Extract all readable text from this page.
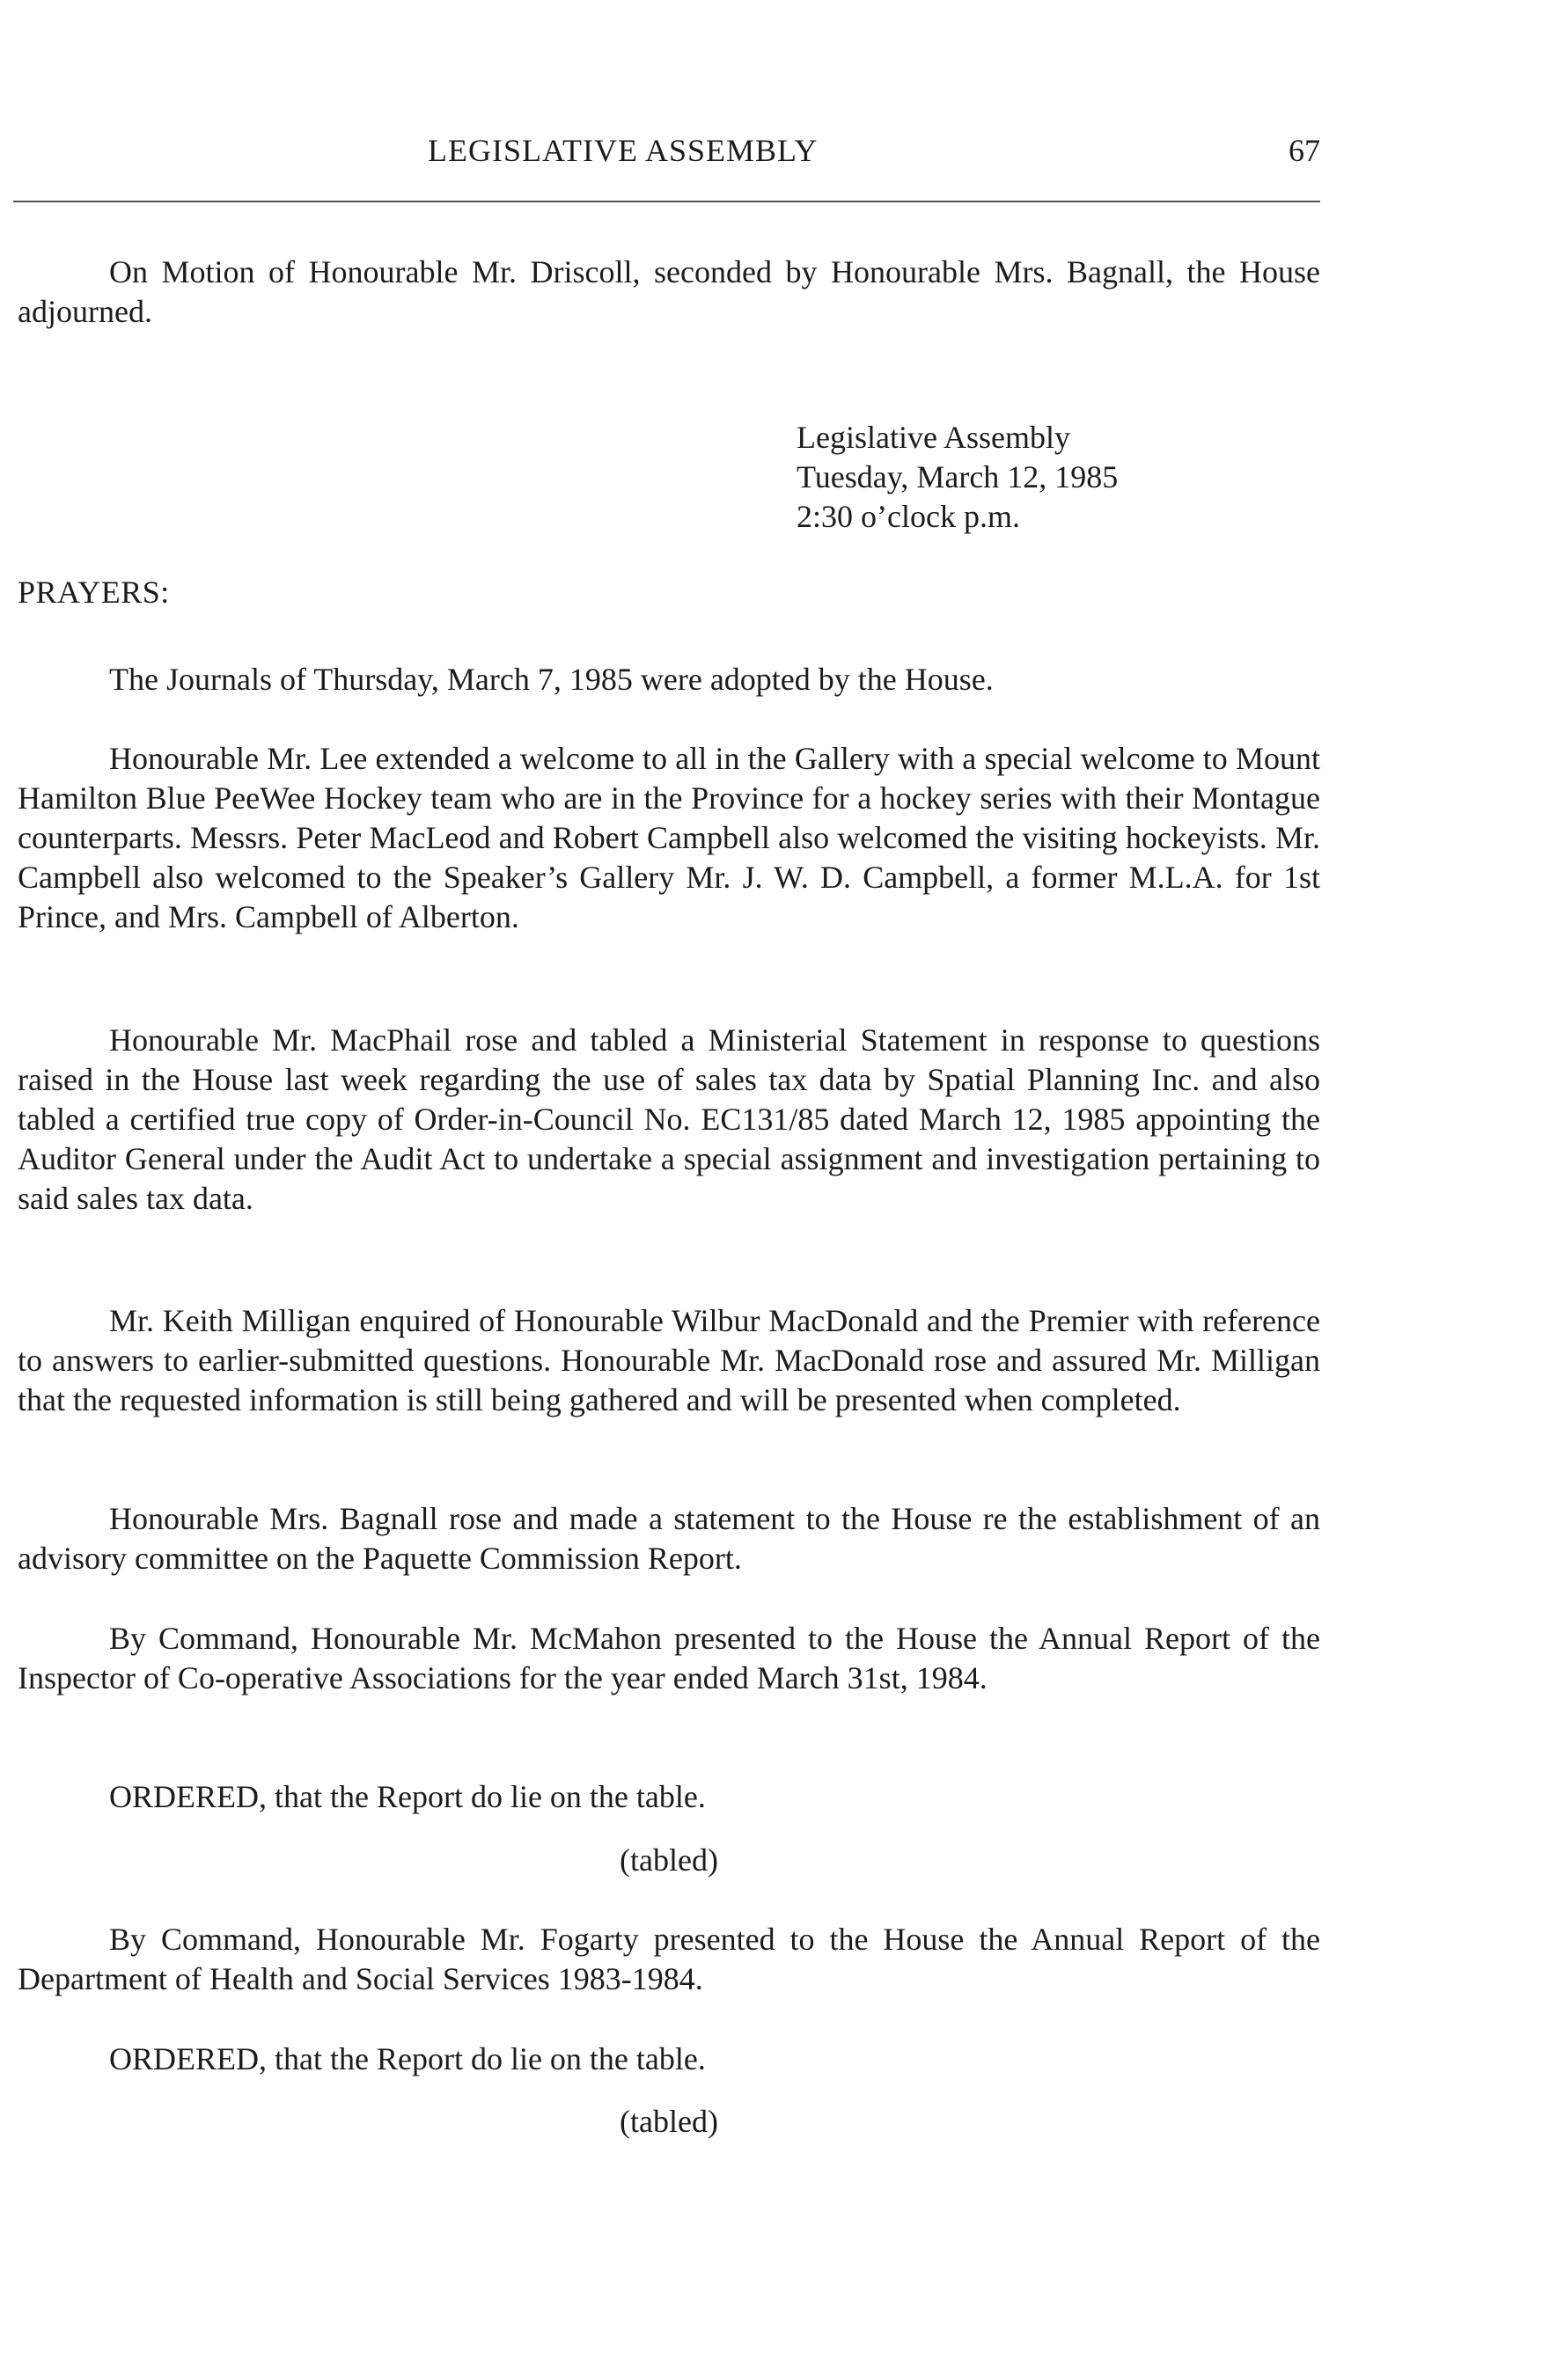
LEGISLATIVE ASSEMBLY	67

On Motion of Honourable Mr. Driscoll, seconded by Honourable Mrs. Bagnall, the House adjourned.

Legislative Assembly
Tuesday, March 12, 1985
2:30 o’clock p.m.
PRAYERS:

The Journals of Thursday, March 7, 1985 were adopted by the House.

Honourable Mr. Lee extended a welcome to all in the Gallery with a special welcome to Mount Hamilton Blue PeeWee Hockey team who are in the Province for a hockey series with their Montague counterparts. Messrs. Peter MacLeod and Robert Campbell also welcomed the visiting hockeyists. Mr. Campbell also welcomed to the Speaker’s Gallery Mr. J. W. D. Campbell, a former M.L.A. for 1st Prince, and Mrs. Campbell of Alberton.

Honourable Mr. MacPhail rose and tabled a Ministerial Statement in response to questions raised in the House last week regarding the use of sales tax data by Spatial Planning Inc. and also tabled a certified true copy of Order-in-Council No. EC131/85 dated March 12, 1985 appointing the Auditor General under the Audit Act to undertake a special assignment and investigation pertaining to said sales tax data.

Mr. Keith Milligan enquired of Honourable Wilbur MacDonald and the Premier with reference to answers to earlier-submitted questions. Honourable Mr. MacDonald rose and assured Mr. Milligan that the requested information is still being gathered and will be presented when completed.

Honourable Mrs. Bagnall rose and made a statement to the House re the establishment of an advisory committee on the Paquette Commission Report.

By Command, Honourable Mr. McMahon presented to the House the Annual Report of the Inspector of Co-operative Associations for the year ended March 31st, 1984.

ORDERED, that the Report do lie on the table.

(tabled)

By Command, Honourable Mr. Fogarty presented to the House the Annual Report of the Department of Health and Social Services 1983-1984.

ORDERED, that the Report do lie on the table.

(tabled)
